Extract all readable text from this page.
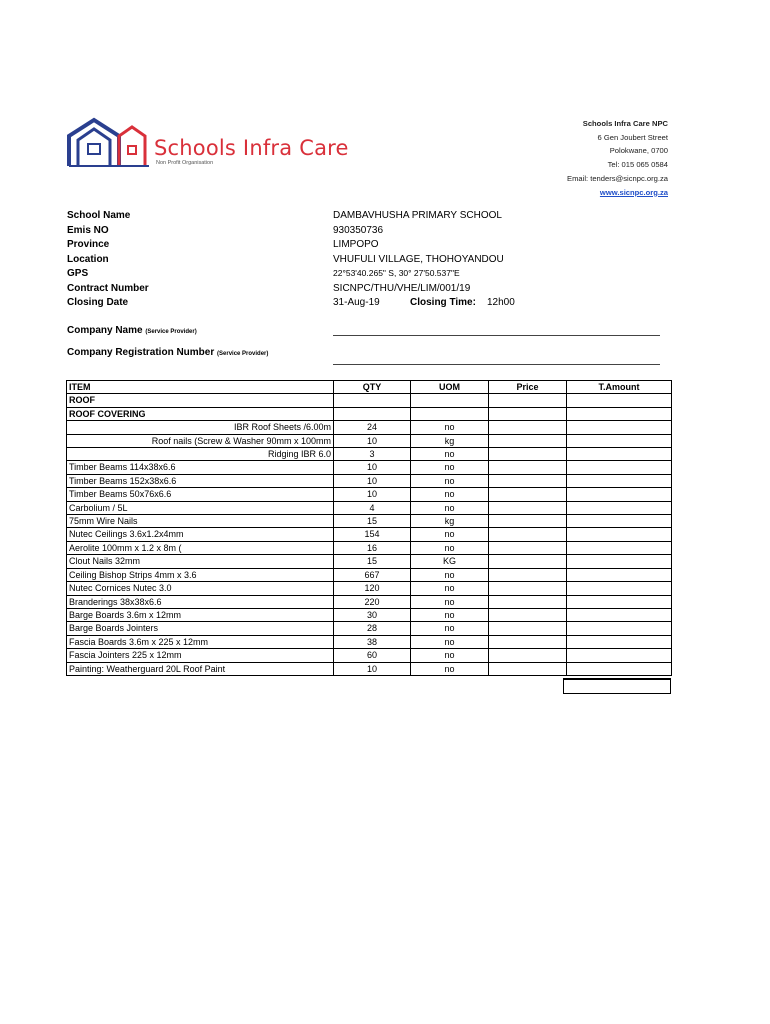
Schools Infra Care
Non Profit Organisation
Schools Infra Care NPC
6 Gen Joubert Street
Polokwane, 0700
Tel: 015 065 0584
Email: tenders@sicnpc.org.za
www.sicnpc.org.za
School Name	DAMBAVHUSHA PRIMARY SCHOOL
Emis NO	930350736
Province	LIMPOPO
Location	VHUFULI VILLAGE, THOHOYANDOU
GPS	22°53'40.265" S, 30° 27'50.537"E
Contract Number	SICNPC/THU/VHE/LIM/001/19
Closing Date	31-Aug-19	Closing Time: 12h00
Company Name (Service Provider)
Company Registration Number (Service Provider)
ITEM	QTY	UOM	Price	T.Amount
ROOF				
ROOF COVERING				
IBR Roof Sheets /6.00m	24	no		
Roof nails (Screw & Washer 90mm x 100mm	10	kg		
Ridging IBR 6.0	3	no		
Timber Beams 114x38x6.6	10	no		
Timber Beams 152x38x6.6	10	no		
Timber Beams 50x76x6.6	10	no		
Carbolium / 5L	4	no		
75mm Wire Nails	15	kg		
Nutec Ceilings 3.6x1.2x4mm	154	no		
Aerolite 100mm x 1.2 x 8m (	16	no		
Clout Nails 32mm	15	KG		
Ceiling Bishop Strips 4mm x 3.6	667	no		
Nutec Cornices Nutec 3.0	120	no		
Branderings 38x38x6.6	220	no		
Barge Boards 3.6m x 12mm	30	no		
Barge Boards Jointers	28	no		
Fascia Boards 3.6m x 225 x 12mm	38	no		
Fascia Jointers 225 x 12mm	60	no		
Painting: Weatherguard 20L Roof Paint	10	no		
